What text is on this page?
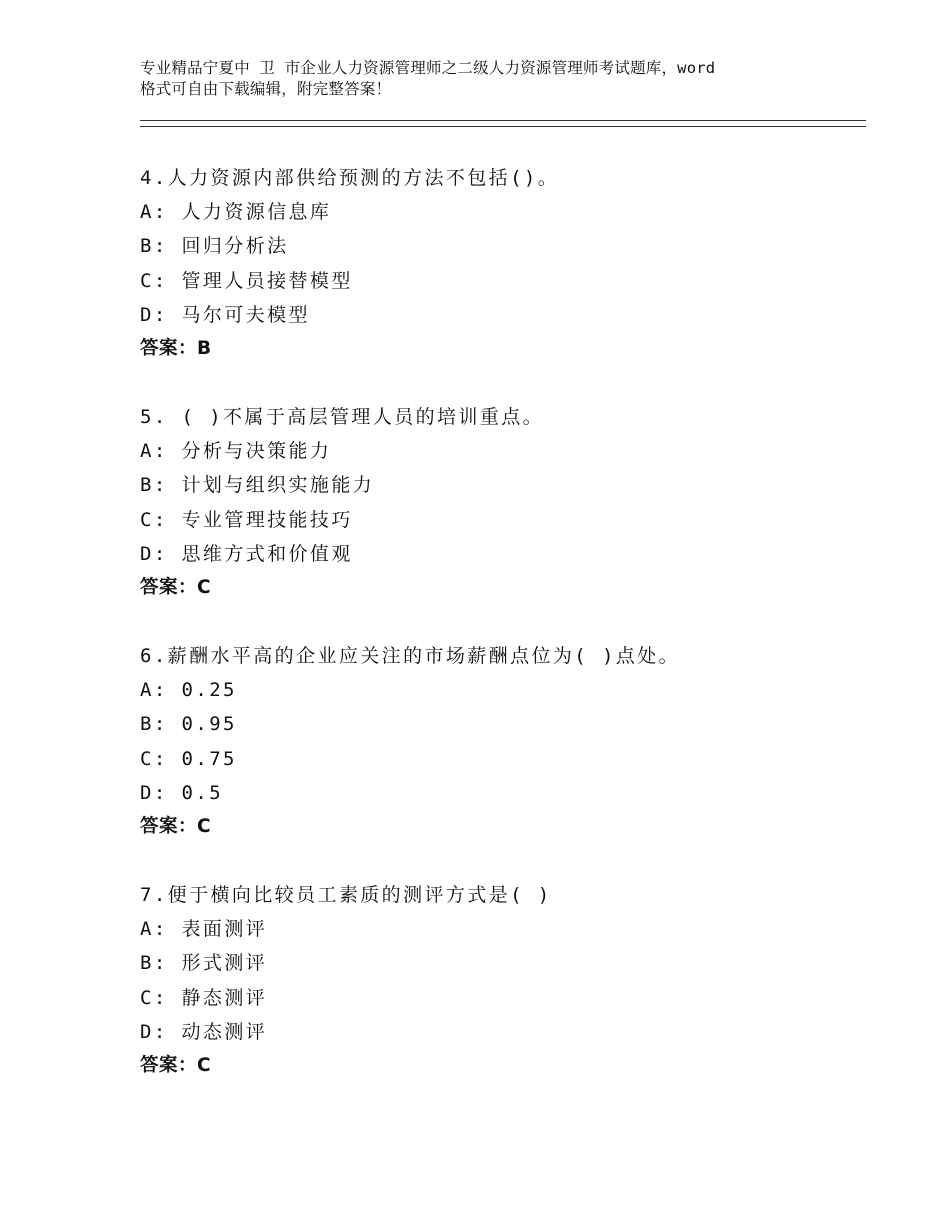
专业精品宁夏中 卫 市企业人力资源管理师之二级人力资源管理师考试题库，word
格式可自由下载编辑，附完整答案！
4.人力资源内部供给预测的方法不包括()。
A: 人力资源信息库
B: 回归分析法
C: 管理人员接替模型
D: 马尔可夫模型
答案：B
5. ( )不属于高层管理人员的培训重点。
A: 分析与决策能力
B: 计划与组织实施能力
C: 专业管理技能技巧
D: 思维方式和价值观
答案：C
6.薪酬水平高的企业应关注的市场薪酬点位为( )点处。
A: 0.25
B: 0.95
C: 0.75
D: 0.5
答案：C
7.便于横向比较员工素质的测评方式是( )
A: 表面测评
B: 形式测评
C: 静态测评
D: 动态测评
答案：C
